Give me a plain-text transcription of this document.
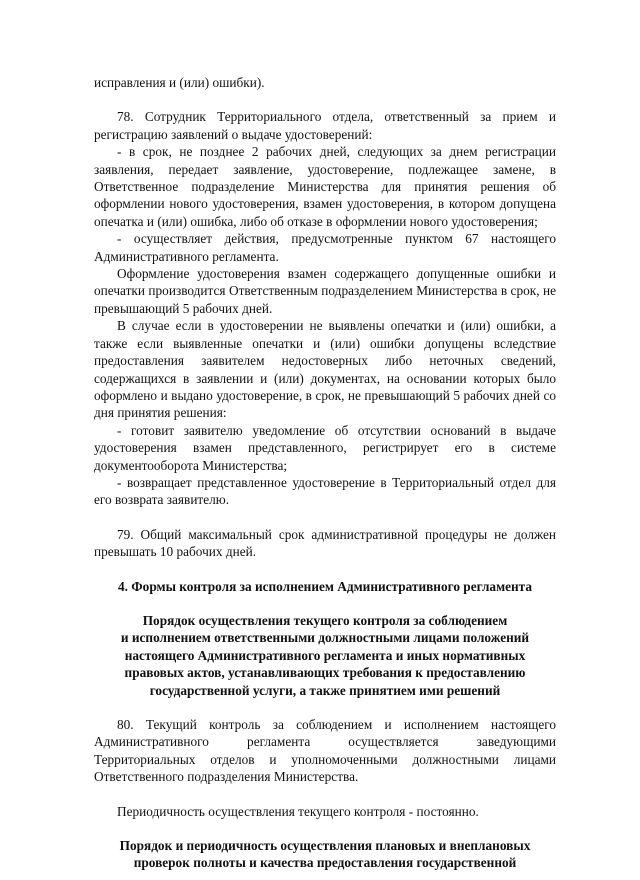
исправления и (или) ошибки).

78. Сотрудник Территориального отдела, ответственный за прием и регистрацию заявлений о выдаче удостоверений:

- в срок, не позднее 2 рабочих дней, следующих за днем регистрации заявления, передает заявление, удостоверение, подлежащее замене, в Ответственное подразделение Министерства для принятия решения об оформлении нового удостоверения, взамен удостоверения, в котором допущена опечатка и (или) ошибка, либо об отказе в оформлении нового удостоверения;

- осуществляет действия, предусмотренные пунктом 67 настоящего Административного регламента.

Оформление удостоверения взамен содержащего допущенные ошибки и опечатки производится Ответственным подразделением Министерства в срок, не превышающий 5 рабочих дней.

В случае если в удостоверении не выявлены опечатки и (или) ошибки, а также если выявленные опечатки и (или) ошибки допущены вследствие предоставления заявителем недостоверных либо неточных сведений, содержащихся в заявлении и (или) документах, на основании которых было оформлено и выдано удостоверение, в срок, не превышающий 5 рабочих дней со дня принятия решения:

- готовит заявителю уведомление об отсутствии оснований в выдаче удостоверения взамен представленного, регистрирует его в системе документооборота Министерства;

- возвращает представленное удостоверение в Территориальный отдел для его возврата заявителю.

79. Общий максимальный срок административной процедуры не должен превышать 10 рабочих дней.

4. Формы контроля за исполнением Административного регламента

Порядок осуществления текущего контроля за соблюдением
и исполнением ответственными должностными лицами положений
настоящего Административного регламента и иных нормативных
правовых актов, устанавливающих требования к предоставлению
государственной услуги, а также принятием ими решений

80. Текущий контроль за соблюдением и исполнением настоящего Административного регламента осуществляется заведующими Территориальных отделов и уполномоченными должностными лицами Ответственного подразделения Министерства.

Периодичность осуществления текущего контроля - постоянно.

Порядок и периодичность осуществления плановых и внеплановых
проверок полноты и качества предоставления государственной
